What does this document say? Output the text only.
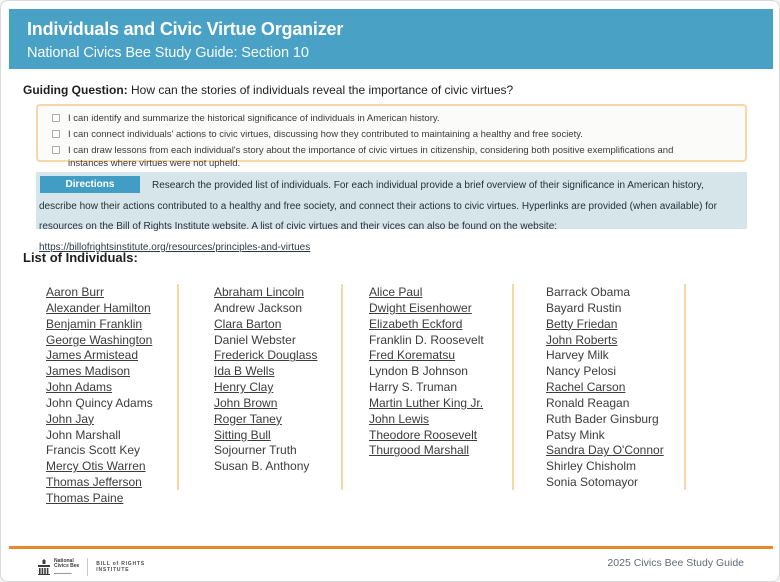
Individuals and Civic Virtue Organizer
National Civics Bee Study Guide: Section 10
Guiding Question: How can the stories of individuals reveal the importance of civic virtues?
I can identify and summarize the historical significance of individuals in American history.
I can connect individuals' actions to civic virtues, discussing how they contributed to maintaining a healthy and free society.
I can draw lessons from each individual's story about the importance of civic virtues in citizenship, considering both positive exemplifications and instances where virtues were not upheld.
Directions	Research the provided list of individuals. For each individual provide a brief overview of their significance in American history, describe how their actions contributed to a healthy and free society, and connect their actions to civic virtues. Hyperlinks are provided (when available) for resources on the Bill of Rights Institute website. A list of civic virtues and their vices can also be found on the website: https://billofrightsinstitute.org/resources/principles-and-virtues
List of Individuals:
Aaron Burr
Alexander Hamilton
Benjamin Franklin
George Washington
James Armistead
James Madison
John Adams
John Quincy Adams
John Jay
John Marshall
Francis Scott Key
Mercy Otis Warren
Thomas Jefferson
Thomas Paine
Abraham Lincoln
Andrew Jackson
Clara Barton
Daniel Webster
Frederick Douglass
Ida B Wells
Henry Clay
John Brown
Roger Taney
Sitting Bull
Sojourner Truth
Susan B. Anthony
Alice Paul
Dwight Eisenhower
Elizabeth Eckford
Franklin D. Roosevelt
Fred Korematsu
Lyndon B Johnson
Harry S. Truman
Martin Luther King Jr.
John Lewis
Theodore Roosevelt
Thurgood Marshall
Barrack Obama
Bayard Rustin
Betty Friedan
John Roberts
Harvey Milk
Nancy Pelosi
Rachel Carson
Ronald Reagan
Ruth Bader Ginsburg
Patsy Mink
Sandra Day O'Connor
Shirley Chisholm
Sonia Sotomayor
National
Civics Bee
▬▬▬▬▬
BILL of RIGHTS
INSTITUTE
2025 Civics Bee Study Guide
